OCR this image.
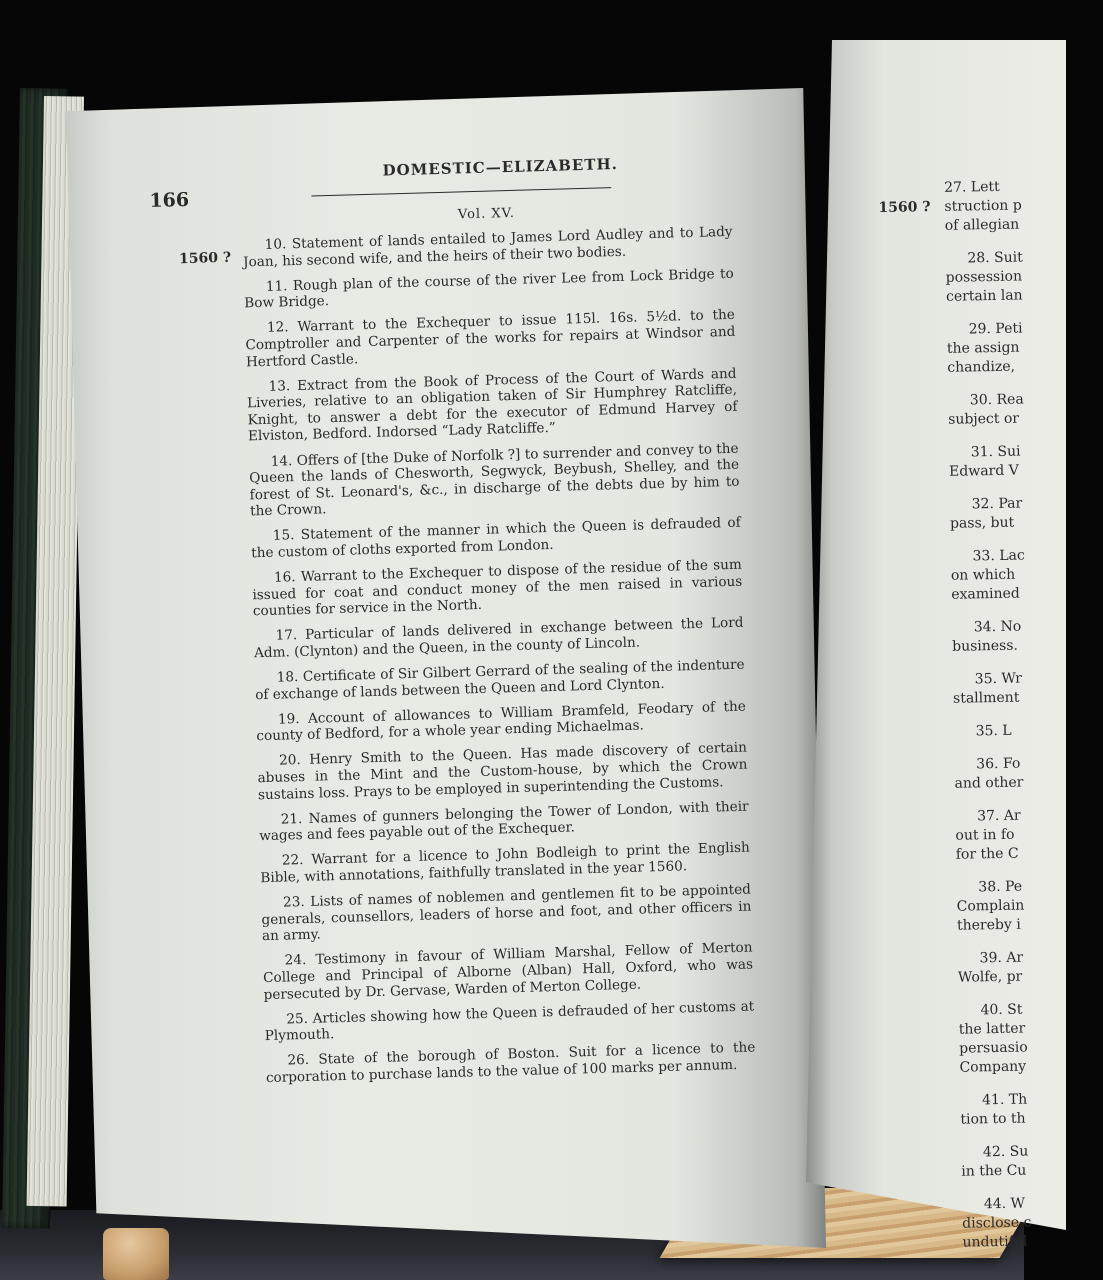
166
DOMESTIC—ELIZABETH.
Vol. XV.
1560 ?

10. Statement of lands entailed to James Lord Audley and to Lady Joan, his second wife, and the heirs of their two bodies.

11. Rough plan of the course of the river Lee from Lock Bridge to Bow Bridge.

12. Warrant to the Exchequer to issue 115l. 16s. 5½d. to the Comptroller and Carpenter of the works for repairs at Windsor and Hertford Castle.

13. Extract from the Book of Process of the Court of Wards and Liveries, relative to an obligation taken of Sir Humphrey Ratcliffe, Knight, to answer a debt for the executor of Edmund Harvey of Elviston, Bedford. Indorsed “Lady Ratcliffe.”

14. Offers of [the Duke of Norfolk ?] to surrender and convey to the Queen the lands of Chesworth, Segwyck, Beybush, Shelley, and the forest of St. Leonard's, &c., in discharge of the debts due by him to the Crown.

15. Statement of the manner in which the Queen is defrauded of the custom of cloths exported from London.

16. Warrant to the Exchequer to dispose of the residue of the sum issued for coat and conduct money of the men raised in various counties for service in the North.

17. Particular of lands delivered in exchange between the Lord Adm. (Clynton) and the Queen, in the county of Lincoln.

18. Certificate of Sir Gilbert Gerrard of the sealing of the indenture of exchange of lands between the Queen and Lord Clynton.

19. Account of allowances to William Bramfeld, Feodary of the county of Bedford, for a whole year ending Michaelmas.

20. Henry Smith to the Queen. Has made discovery of certain abuses in the Mint and the Custom-house, by which the Crown sustains loss. Prays to be employed in superintending the Customs.

21. Names of gunners belonging the Tower of London, with their wages and fees payable out of the Exchequer.

22. Warrant for a licence to John Bodleigh to print the English Bible, with annotations, faithfully translated in the year 1560.

23. Lists of names of noblemen and gentlemen fit to be appointed generals, counsellors, leaders of horse and foot, and other officers in an army.

24. Testimony in favour of William Marshal, Fellow of Merton College and Principal of Alborne (Alban) Hall, Oxford, who was persecuted by Dr. Gervase, Warden of Merton College.

25. Articles showing how the Queen is defrauded of her customs at Plymouth.

26. State of the borough of Boston. Suit for a licence to the corporation to purchase lands to the value of 100 marks per annum.

1560 ?
27. Lett
struction p
of allegian
28. Suit
possession
certain lan
29. Peti
the assign
chandize,
30. Rea
subject or
31. Sui
Edward V
32. Par
pass, but
33. Lac
on which
examined
34. No
business.
35. Wr
stallment
35. L
36. Fo
and other
37. Ar
out in fo
for the C
38. Pe
Complain
thereby i
39. Ar
Wolfe, pr
40. St
the latter
persuasio
Company
41. Th
tion to th
42. Su
in the Cu
44. W
disclose c
undutiful
